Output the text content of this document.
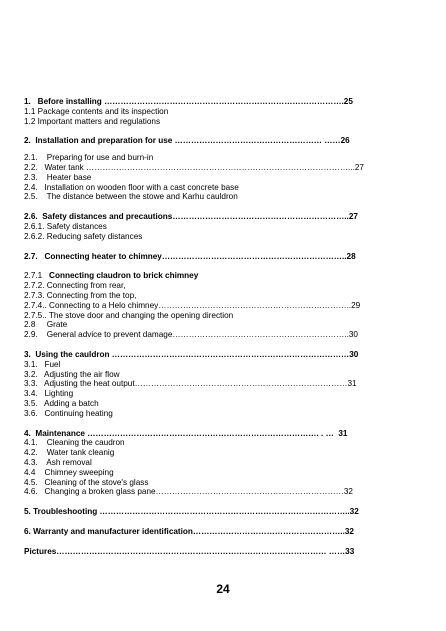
1.   Before installing …………………………………………………………………………….25
1.1 Package contents and its inspection
1.2 Important matters and regulations
2.  Installation and preparation for use ……………………………………………… ……26
2.1.    Preparing for use and burn-in
2.2.   Water tank ……………………………………………………………………………………...27
2.3.    Heater base
2.4.   Installation on wooden floor with a cast concrete base
2.5.    The distance between the stowe and Karhu cauldron
2.6.  Safety distances and precautions………………………………………………………..27
2.6.1. Safety distances
2.6.2. Reducing safety distances
2.7.   Connecting heater to chimney…………………………………………………………..28
2.7.1   Connecting claudron to brick chimney
2.7.2. Connecting from rear,
2.7.3. Connecting from the top,
2.7.4.. Connecting to a Helo chimney……………………………………………………………..29
2.7.5.. The stove door and changing the opening direction
2.8     Grate
2.9.    General advice to prevent damage………………………………………………………..30
3.  Using the cauldron ……………………………………………………………………………30
3.1.   Fuel
3.2.   Adjusting the air flow
3.3.   Adjusting the heat output……………………………………………………………………31
3.4.   Lighting
3.5.   Adding a batch
3.6.   Continuing heating
4.  Maintenance …………………………………………………………………………. . …  31
4.1.    Cleaning the caudron
4.2.    Water tank cleanig
4.3.    Ash removal
4.4    Chimney sweeping
4.5.   Cleaning of the stove's glass
4.6.   Changing a broken glass pane……………………………………………………………32
5. Troubleshooting ………………………………………………………………………………..32
6. Warranty and manufacturer identification………………………………………………..32
Pictures……………………………………………………………………………………… ……33
24
